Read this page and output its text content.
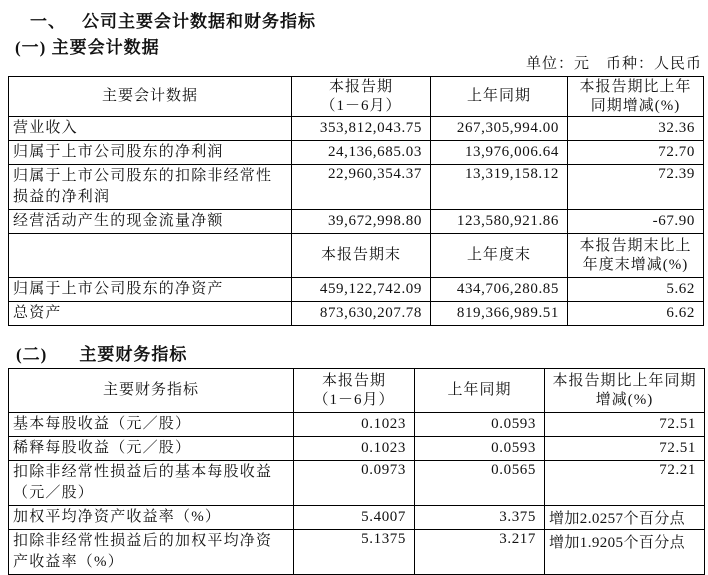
一、 公司主要会计数据和财务指标
(一) 主要会计数据
单位：元　币种：人民币
主要会计数据	本报告期
（1－6月）	上年同期	本报告期比上年
同期增减(%)
营业收入	353,812,043.75	267,305,994.00	32.36
归属于上市公司股东的净利润	24,136,685.03	13,976,006.64	72.70
归属于上市公司股东的扣除非经常性损益的净利润	22,960,354.37	13,319,158.12	72.39
经营活动产生的现金流量净额	39,672,998.80	123,580,921.86	-67.90
	本报告期末	上年度末	本报告期末比上
年度末增减(%)
归属于上市公司股东的净资产	459,122,742.09	434,706,280.85	5.62
总资产	873,630,207.78	819,366,989.51	6.62
(二) 主要财务指标
主要财务指标	本报告期
（1－6月）	上年同期	本报告期比上年同期
增减(%)
基本每股收益（元／股）	0.1023	0.0593	72.51
稀释每股收益（元／股）	0.1023	0.0593	72.51
扣除非经常性损益后的基本每股收益（元／股）	0.0973	0.0565	72.21
加权平均净资产收益率（%）	5.4007	3.375	增加2.0257个百分点
扣除非经常性损益后的加权平均净资产收益率（%）	5.1375	3.217	增加1.9205个百分点
